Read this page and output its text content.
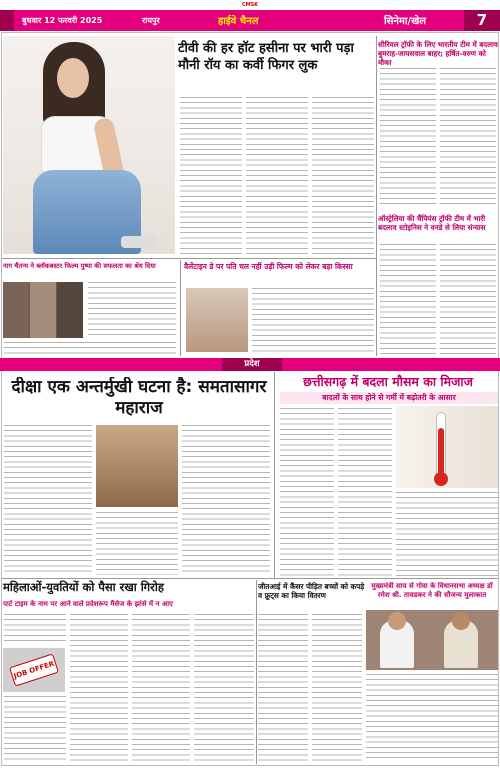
CMSK
बुधवार 12 फरवरी 2025	रायपुर	हाईवे चैनल	सिनेमा/खेल	7
टीवी की हर हॉट हसीना पर भारी पड़ा मौनी रॉय का कर्वी फिगर लुक
सीरियल ट्रॉफी के लिए भारतीय टीम में बदलाव बुमराह-जायसवाल बाहर; हर्षित-वरुण को मौका
ऑस्ट्रेलिया की चैंपियंस ट्रॉफी टीम में भारी बदलाव स्टोइनिस ने वनडे से लिया संन्यास
नाग चैतन्य ने ब्लॉकबस्टर फिल्म पुष्पा की सफलता का श्रेय दिया	वैलेंटाइन डे पर पति चल नहीं उड़ी फिल्म को लेकर बड़ा किस्सा
प्रदेश
दीक्षा एक अन्तर्मुखी घटना है: समतासागर महाराज
छत्तीसगढ़ में बदला मौसम का मिजाज
बादलों के साथ होने से गर्मी में बढ़ोतरी के आसार
महिलाओं-युवतियों को पैसा रखा गिरोह
पार्ट टाइम के नाम पर आने वाले प्रदेशरूप मैसेज के झांसे में न आए
JOB OFFER
जीतआई में कैंसर पीड़ित बच्चों को कपड़े व फ्रूट्स का किया वितरण
मुख्यमंत्री साय से गोवा के विधानसभा अध्यक्ष डॉ रमेश श्री. तावडकर ने की सौजन्य मुलाकात
